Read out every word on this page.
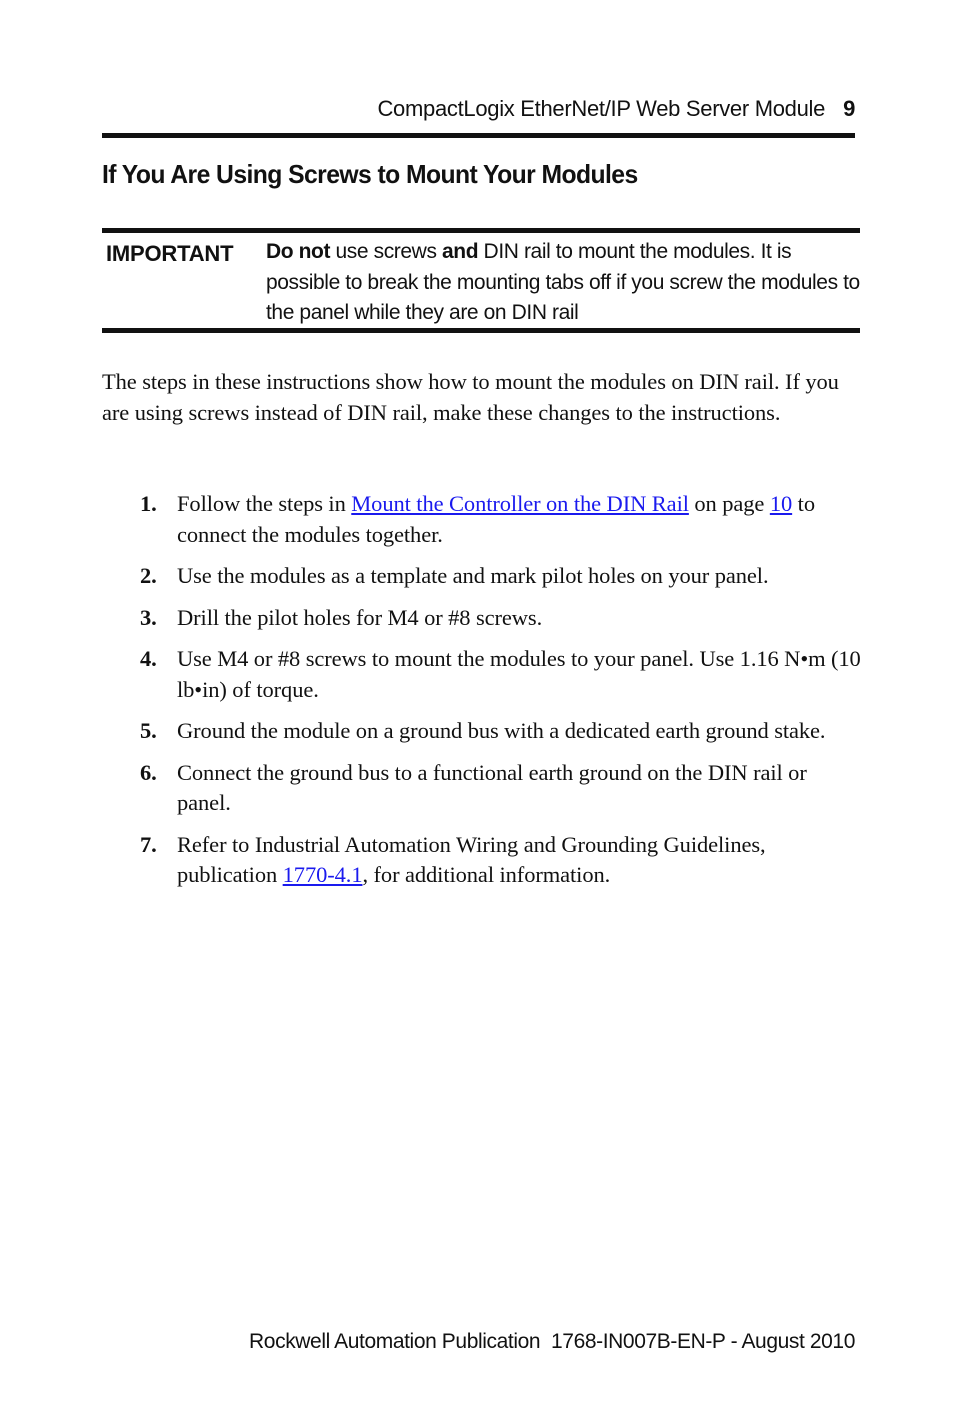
CompactLogix EtherNet/IP Web Server Module 9
If You Are Using Screws to Mount Your Modules
IMPORTANT Do not use screws and DIN rail to mount the modules. It is possible to break the mounting tabs off if you screw the modules to the panel while they are on DIN rail
The steps in these instructions show how to mount the modules on DIN rail. If you are using screws instead of DIN rail, make these changes to the instructions.
1. Follow the steps in Mount the Controller on the DIN Rail on page 10 to connect the modules together.
2. Use the modules as a template and mark pilot holes on your panel.
3. Drill the pilot holes for M4 or #8 screws.
4. Use M4 or #8 screws to mount the modules to your panel. Use 1.16 N•m (10 lb•in) of torque.
5. Ground the module on a ground bus with a dedicated earth ground stake.
6. Connect the ground bus to a functional earth ground on the DIN rail or panel.
7. Refer to Industrial Automation Wiring and Grounding Guidelines, publication 1770-4.1, for additional information.
Rockwell Automation Publication  1768-IN007B-EN-P - August 2010
